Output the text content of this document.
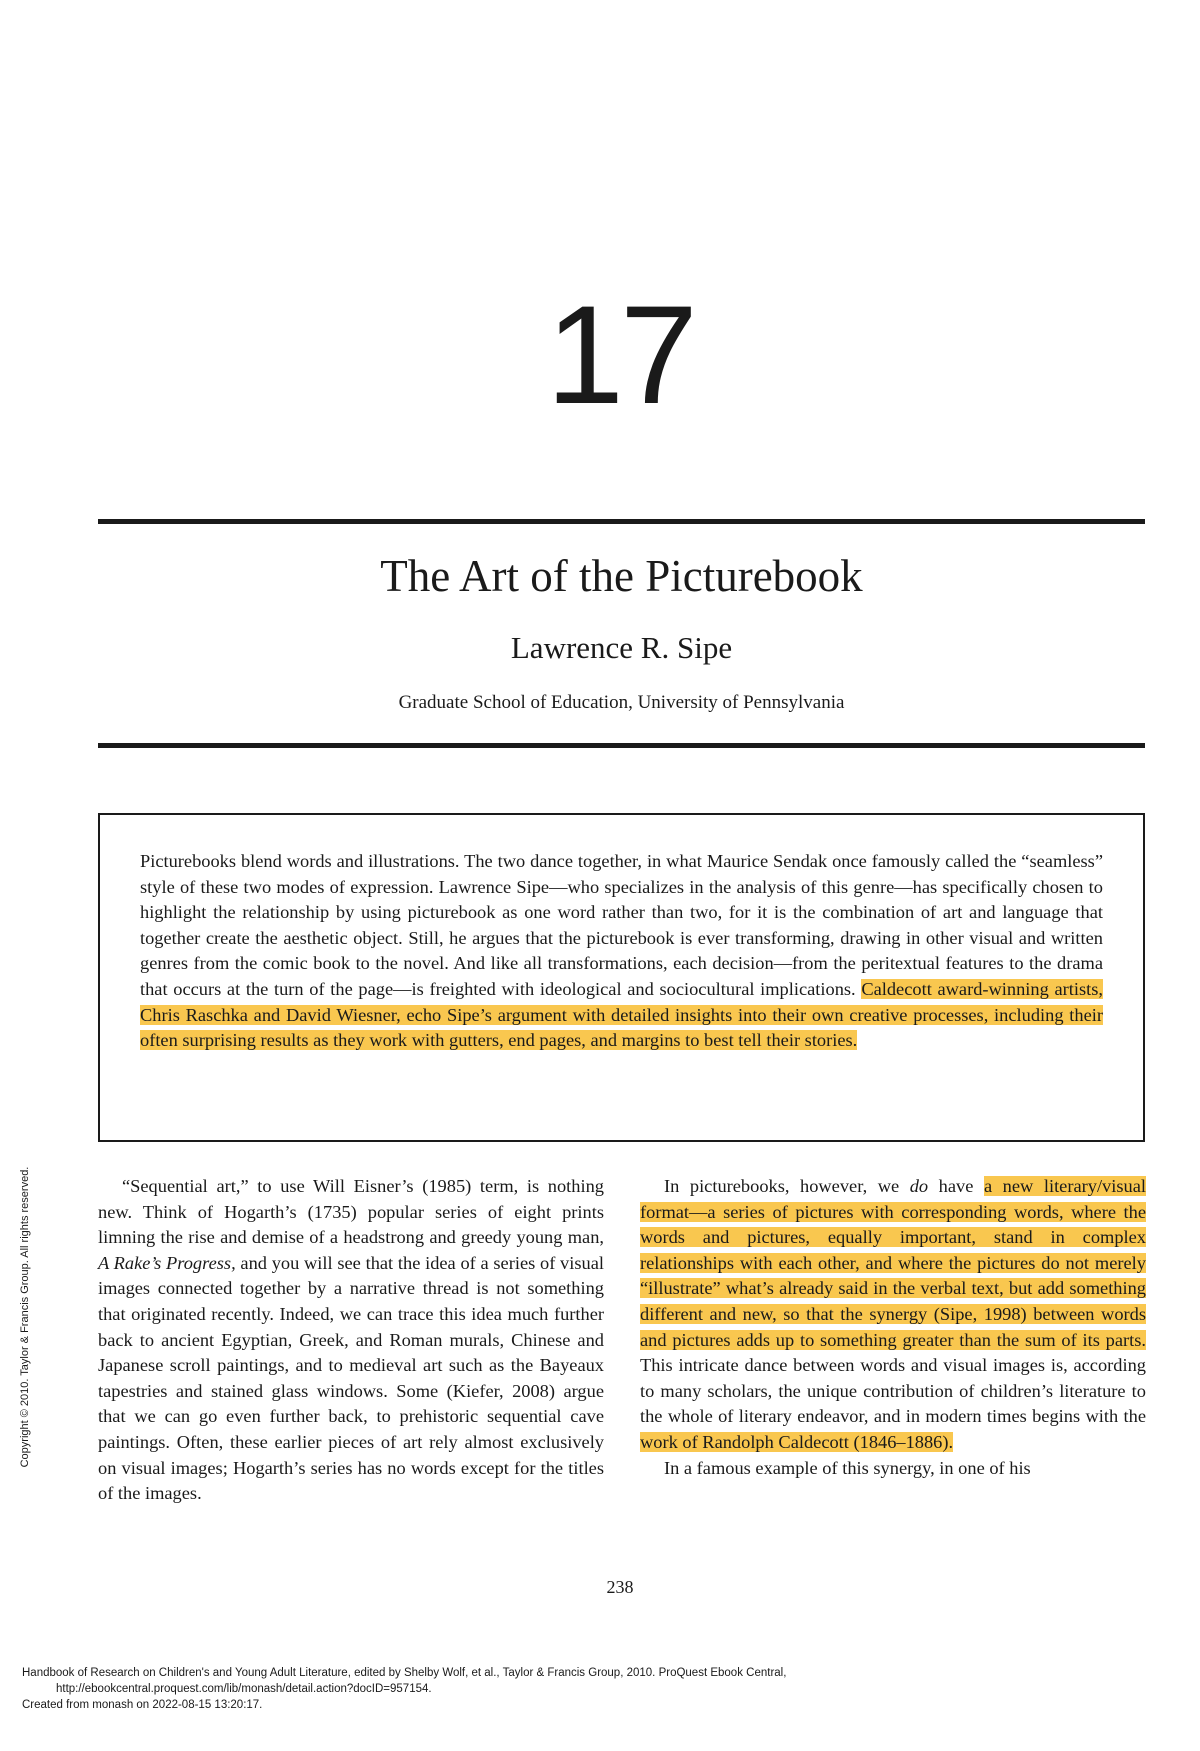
17
The Art of the Picturebook
Lawrence R. Sipe
Graduate School of Education, University of Pennsylvania
Picturebooks blend words and illustrations. The two dance together, in what Maurice Sendak once famously called the “seamless” style of these two modes of expression. Lawrence Sipe—who specializes in the analysis of this genre—has specifically chosen to highlight the relationship by using picturebook as one word rather than two, for it is the combination of art and language that together create the aesthetic object. Still, he argues that the picturebook is ever transforming, drawing in other visual and written genres from the comic book to the novel. And like all transformations, each decision—from the peritextual features to the drama that occurs at the turn of the page—is freighted with ideological and sociocultural implications. Caldecott award-winning artists, Chris Raschka and David Wiesner, echo Sipe’s argument with detailed insights into their own creative processes, including their often surprising results as they work with gutters, end pages, and margins to best tell their stories.

“Sequential art,” to use Will Eisner’s (1985) term, is nothing new. Think of Hogarth’s (1735) popular series of eight prints limning the rise and demise of a headstrong and greedy young man, A Rake’s Progress, and you will see that the idea of a series of visual images connected together by a narrative thread is not something that originated recently. Indeed, we can trace this idea much further back to ancient Egyptian, Greek, and Roman murals, Chinese and Japanese scroll paintings, and to medieval art such as the Bayeaux tapestries and stained glass windows. Some (Kiefer, 2008) argue that we can go even further back, to prehistoric sequential cave paintings. Often, these earlier pieces of art rely almost exclusively on visual images; Hogarth’s series has no words except for the titles of the images.

In picturebooks, however, we do have a new literary/visual format—a series of pictures with corresponding words, where the words and pictures, equally important, stand in complex relationships with each other, and where the pictures do not merely “illustrate” what’s already said in the verbal text, but add something different and new, so that the synergy (Sipe, 1998) between words and pictures adds up to something greater than the sum of its parts. This intricate dance between words and visual images is, according to many scholars, the unique contribution of children’s literature to the whole of literary endeavor, and in modern times begins with the work of Randolph Caldecott (1846–1886).

In a famous example of this synergy, in one of his

238
Copyright © 2010. Taylor & Francis Group. All rights reserved.
Handbook of Research on Children's and Young Adult Literature, edited by Shelby Wolf, et al., Taylor & Francis Group, 2010. ProQuest Ebook Central,
http://ebookcentral.proquest.com/lib/monash/detail.action?docID=957154.
Created from monash on 2022-08-15 13:20:17.
